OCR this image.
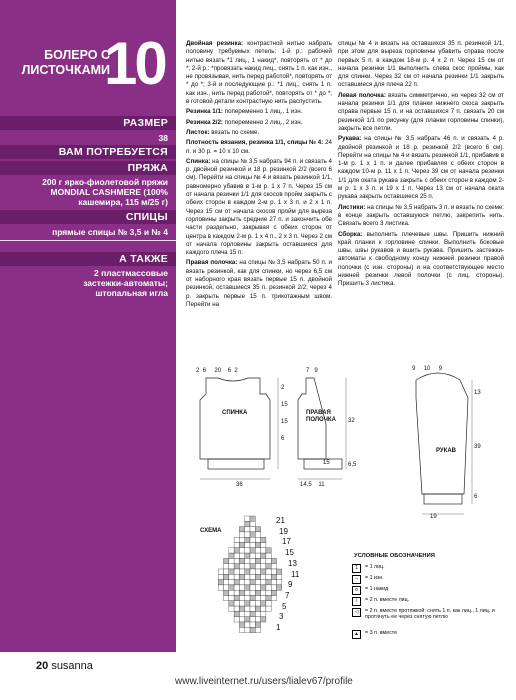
БОЛЕРО С ЛИСТОЧКАМИ
10
РАЗМЕР
38
ВАМ ПОТРЕБУЕТСЯ
ПРЯЖА
200 г ярко-фиолетовой пряжи MONDIAL CASHMERE (100% кашемира, 115 м/25 г)
СПИЦЫ
прямые спицы № 3,5 и № 4
А ТАКЖЕ
2 пластмассовые застежки-автоматы; штопальная игла

Двойная резинка: контрастной нитью набрать половину требуемых петель: 1-й р.: рабочей нитью вязать *1 лиц., 1 накид*, повторять от * до *; 2-й р.: *провязать накид лиц., снять 1 п. как изн., не провязывая, нить перед работой*, повторять от * до *; 3-й и последующие р.: *1 лиц., снять 1 п. как изн., нить перед работой*, повторять от * до *; в готовой детали контрастную нить распустить.

Резинка 1/1: попеременно 1 лиц., 1 изн.

Резинка 2/2: попеременно 2 лиц., 2 изн.

Листок: вязать по схеме.

Плотность вязания, резинка 1/1, спицы № 4: 24 п. и 30 р. = 10 х 10 см.

Спинка: на спицы № 3,5 набрать 94 п. и связать 4 р. двойной резинкой и 18 р. резинкой 2/2 (всего 6 см). Перейти на спицы № 4 и вязать резинкой 1/1, равномерно убавив в 1-м р. 1 х 7 п. Через 15 см от начала резинки 1/1 для скосов пройм закрыть с обеих сторон в каждом 2-м р. 1 х 3 п. и 2 х 1 п. Через 15 см от начала скосов пройм для выреза горловины закрыть средние 27 п. и закончить обе части раздельно, закрывая с обеих сторон от центра в каждом 2-м р. 1 х 4 п., 2 х 3 п. Через 2 см от начала горловины закрыть оставшиеся для каждого плеча 15 п.

Правая полочка: на спицы № 3,5 набрать 50 п. и вязать резинкой, как для спинки, но через 6,5 см от наборного края вязать первые 15 п. двойной резинкой, оставшиеся 35 п. резинкой 2/2; через 4 р. закрыть первые 15 п. трикотажным швом. Перейти на

спицы № 4 и вязать на оставшихся 35 п. резинкой 1/1, при этом для выреза горловины убавить справа после первых 5 п. в каждом 18-м р. 4 х 2 п. Через 15 см от начала резинки 1/1 выполнить слева скос проймы, как для спинки. Через 32 см от начала резинки 1/1 закрыть оставшиеся для плеча 22 п.

Левая полочка: вязать симметрично, но через 32 см от начала резинки 1/1 для планки нижнего скоса закрыть справа первые 15 п. и на оставшихся 7 п. связать 20 см резинкой 1/1 по рисунку (для планки горловины спинки), закрыть все петли.

Рукава: на спицы № 3,5 набрать 46 п. и связать 4 р. двойной резинкой и 18 р. резинкой 2/2 (всего 6 см). Перейти на спицы № 4 и вязать резинкой 1/1, прибавив в 1-м р. 1 х 1 п. и далее прибавляя с обеих сторон в каждом 10-м р. 11 х 1 п. Через 39 см от начала резинки 1/1 для оката рукава закрыть с обеих сторон в каждом 2-м р. 1 х 3 п. и 19 х 1 п. Через 13 см от начала оката рукава закрыть оставшиеся 25 п.

Листики: на спицы № 3,5 набрать 3 п. и вязать по схеме: в конце закрыть оставшуюся петлю, закрепить нить. Связать всего 3 листика.

Сборка: выполнить плечевые швы. Пришить нижний край планки к горловине спинки. Выполнить боковые швы, швы рукавов и вшить рукава. Пришить застежки-автоматы к свободному концу нижней резинки правой полочки (с изн. стороны) и на соответствующее место нижней резинки левой полочки (с лиц. стороны). Пришить 3 листика.

2 6 20 6 2
2
15
15
6
СПИНКА
36
7 9
ПРАВАЯ ПОЛОЧКА	32
6,5
15
14,5 11
9 10 9
13
39
6
РУКАВ
19
СХЕМА
21
19
17
15
13
11
9
7
5
3
1
УСЛОВНЫЕ ОБОЗНАЧЕНИЯ
1	= 1 лиц.
–	= 1 изн.
o	= 1 накид
\	= 2 п. вместе лиц.
◁	= 2 п. вместе протяжкой: снять 1 п. как лиц., 1 лиц. и протянуть ее через снятую петлю
▲	= 3 п. вместе
20 susanna
www.liveinternet.ru/users/lialev67/profile
